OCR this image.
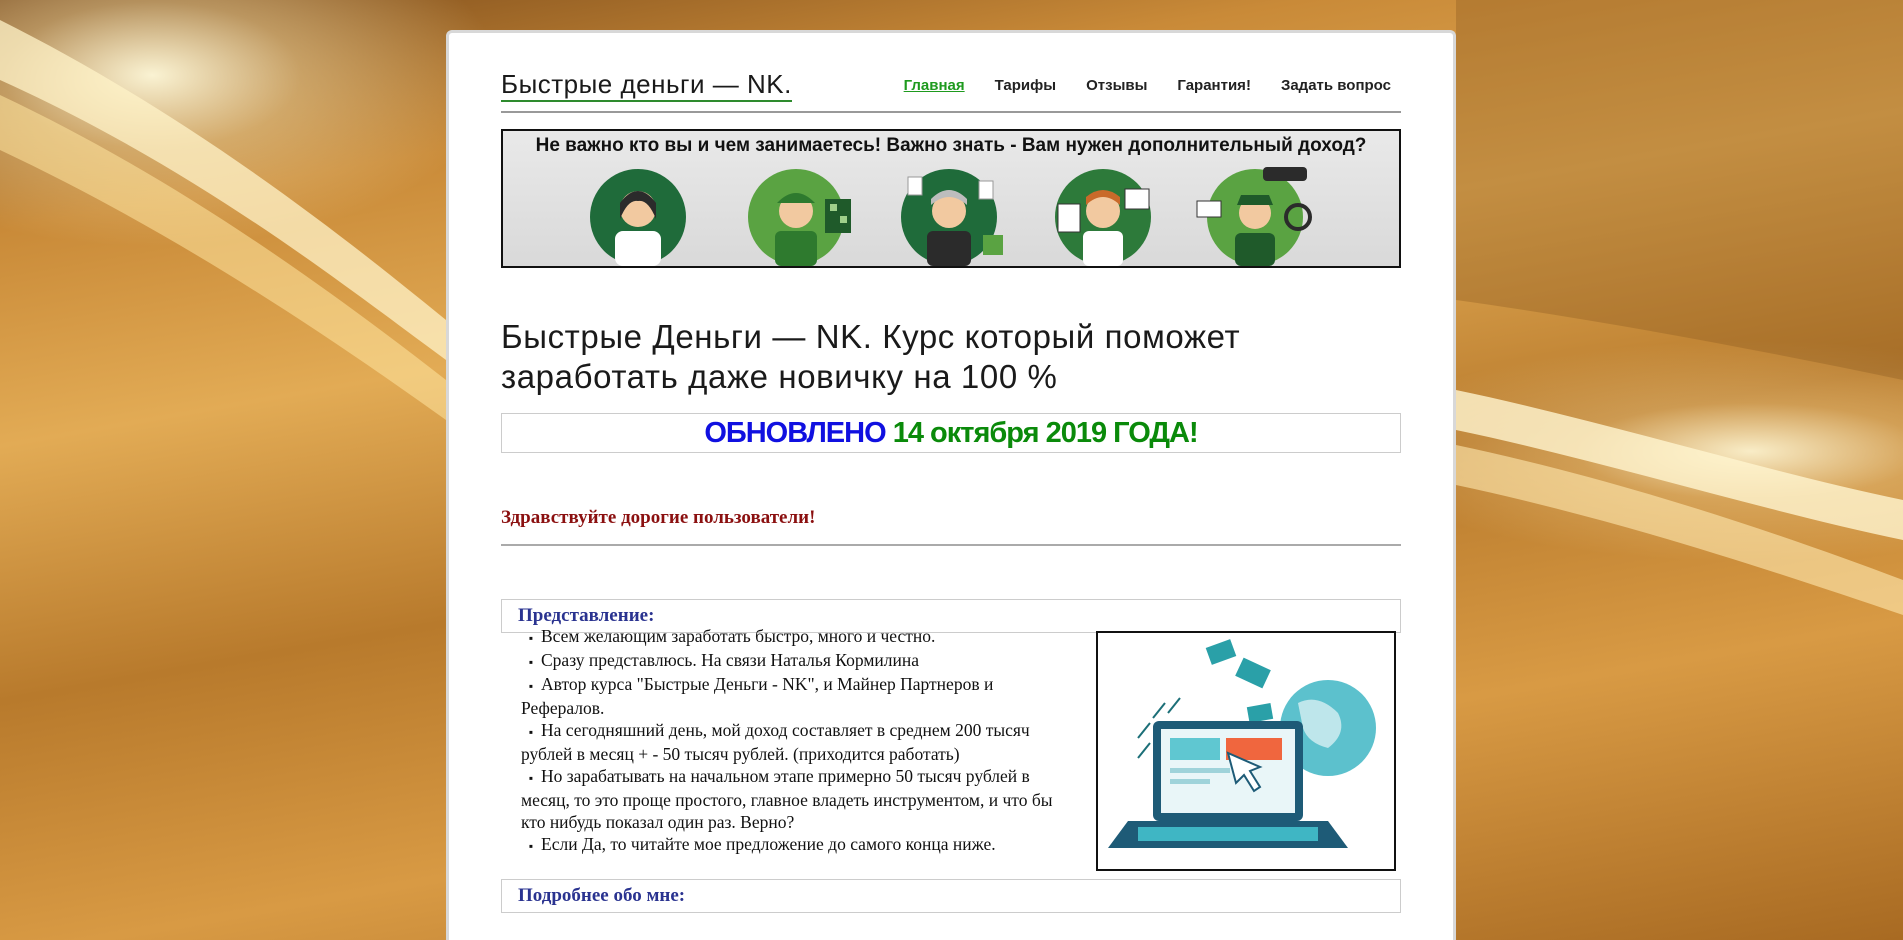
Быстрые деньги — NK.	Главная Тарифы Отзывы Гарантия! Задать вопрос
Не важно кто вы и чем занимаетесь! Важно знать - Вам нужен дополнительный доход?
Быстрые Деньги — NK. Курс который поможет заработать даже новичку на 100 %
ОБНОВЛЕНО 14 октября 2019 ГОДА!
Здравствуйте дорогие пользователи!
Представление:
▪ Всем желающим заработать быстро, много и честно.
▪ Сразу представлюсь. На связи Наталья Кормилина
▪ Автор курса "Быстрые Деньги - NK", и Майнер Партнеров и Рефералов.
▪ На сегодняшний день, мой доход составляет в среднем 200 тысяч рублей в месяц + - 50 тысяч рублей. (приходится работать)
▪ Но зарабатывать на начальном этапе примерно 50 тысяч рублей в месяц, то это проще простого, главное владеть инструментом, и что бы кто нибудь показал один раз. Верно?
▪ Если Да, то читайте мое предложение до самого конца ниже.
Подробнее обо мне:
